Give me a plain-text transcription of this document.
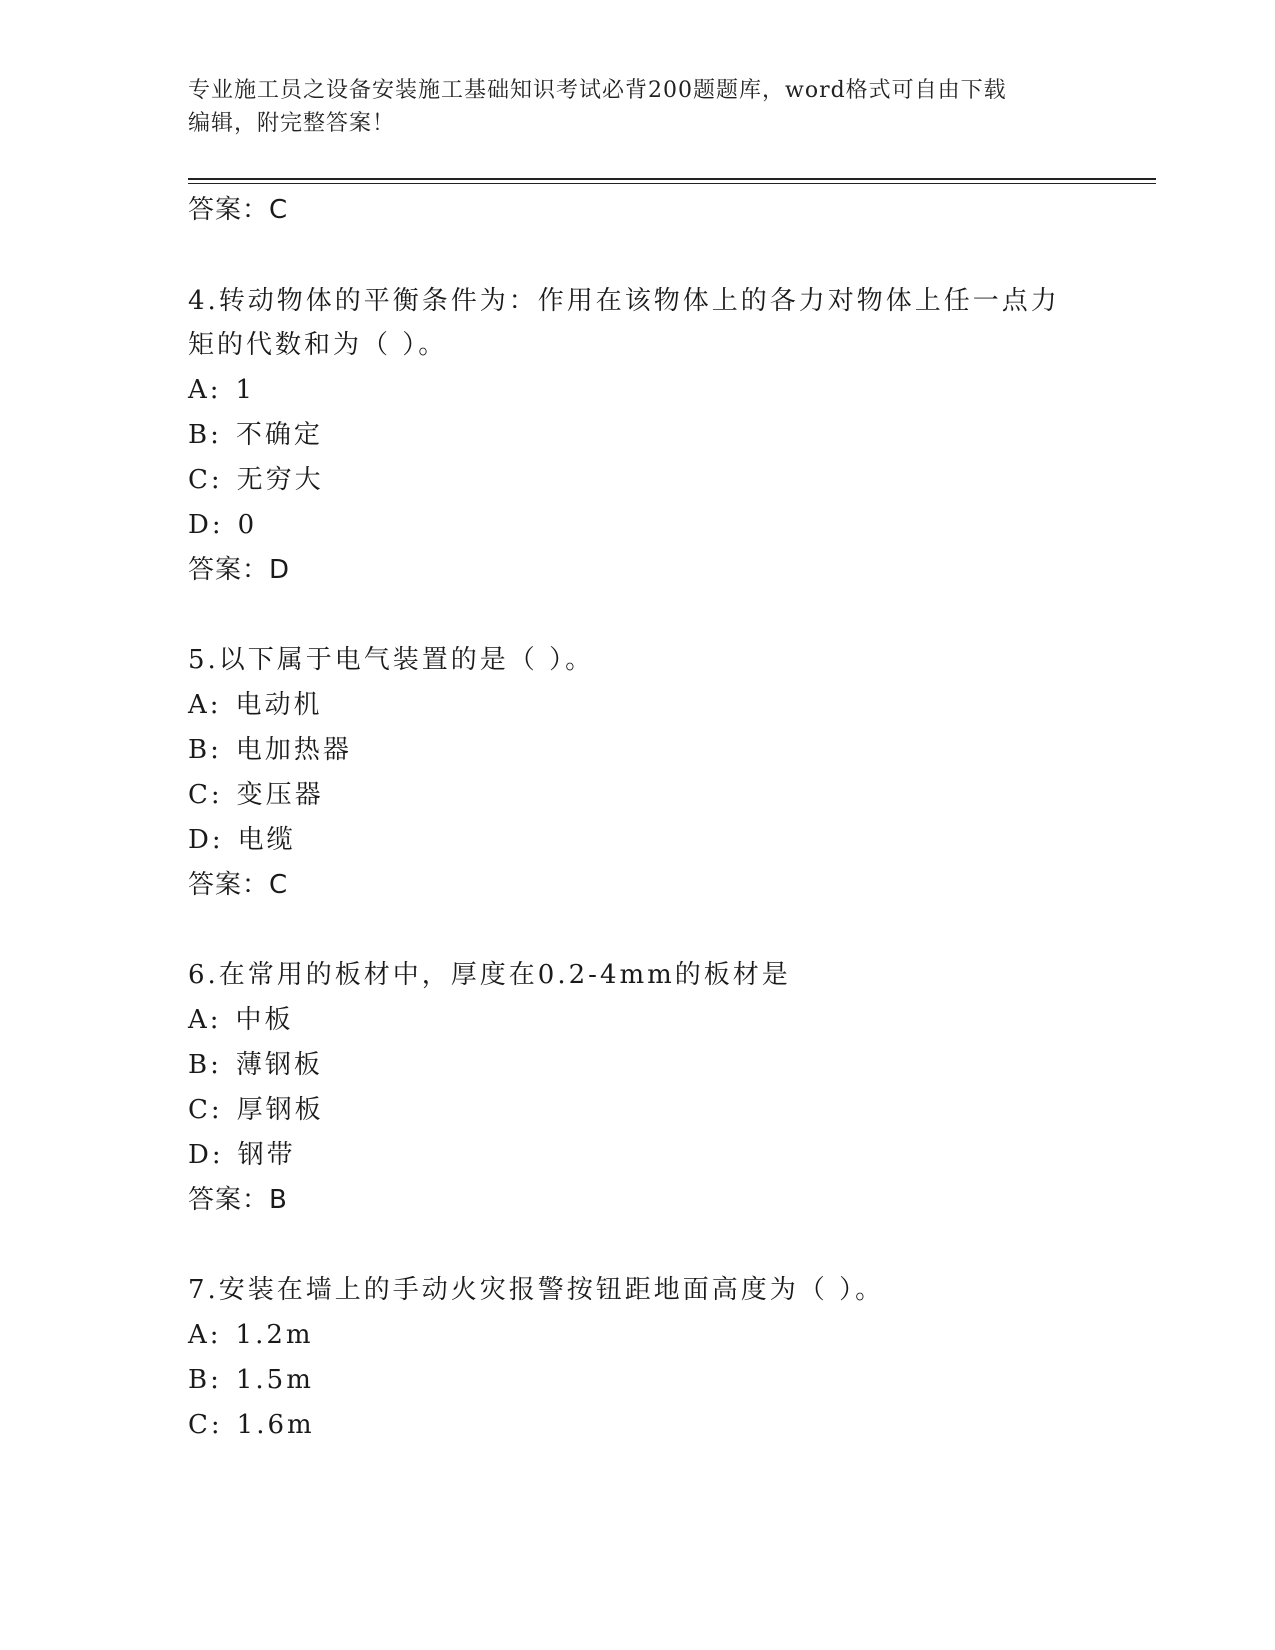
专业施工员之设备安装施工基础知识考试必背200题题库，word格式可自由下载
编辑，附完整答案！
答案：C
4.转动物体的平衡条件为：作用在该物体上的各力对物体上任一点力
矩的代数和为（ ）。
A: 1
B: 不确定
C: 无穷大
D: 0
答案：D
5.以下属于电气装置的是（ ）。
A: 电动机
B: 电加热器
C: 变压器
D: 电缆
答案：C
6.在常用的板材中，厚度在0.2-4mm的板材是
A: 中板
B: 薄钢板
C: 厚钢板
D: 钢带
答案：B
7.安装在墙上的手动火灾报警按钮距地面高度为（ ）。
A: 1.2m
B: 1.5m
C: 1.6m
